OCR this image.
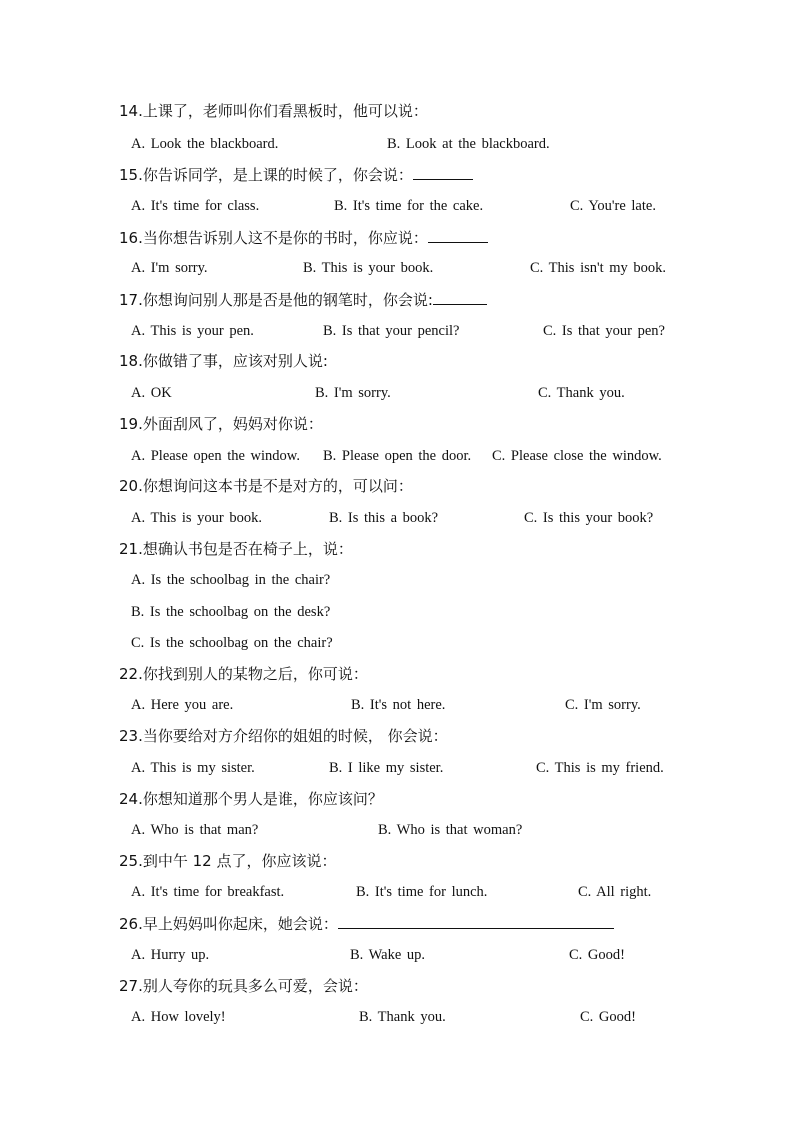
14.上课了，老师叫你们看黑板时，他可以说：
A. Look the blackboard.	B. Look at the blackboard.
15.你告诉同学，是上课的时候了，你会说：
A. It's time for class.	B. It's time for the cake.	C. You're late.
16.当你想告诉别人这不是你的书时，你应说：
A. I'm sorry.	B. This is your book.	C. This isn't my book.
17.你想询问别人那是否是他的钢笔时，你会说:
A. This is your pen.	B. Is that your pencil?	C. Is that your pen?
18.你做错了事，应该对别人说:
A. OK	B. I'm sorry.	C. Thank you.
19.外面刮风了，妈妈对你说：
A. Please open the window. B. Please open the door. C. Please close the window.
20.你想询问这本书是不是对方的，可以问：
A. This is your book.	B. Is this a book?	C. Is this your book?
21.想确认书包是否在椅子上，说：
A. Is the schoolbag in the chair?
B. Is the schoolbag on the desk?
C. Is the schoolbag on the chair?
22.你找到别人的某物之后，你可说：
A. Here you are.	B. It's not here.	C. I'm sorry.
23.当你要给对方介绍你的姐姐的时候， 你会说：
A. This is my sister.	B. I like my sister.	C. This is my friend.
24.你想知道那个男人是谁，你应该问？
A. Who is that man?	B. Who is that woman?
25.到中午 12 点了，你应该说：
A. It's time for breakfast.	B. It's time for lunch.	C. All right.
26.早上妈妈叫你起床，她会说：
A. Hurry up.	B. Wake up.	C. Good!
27.别人夸你的玩具多么可爱，会说：
A. How lovely!	B. Thank you.	C. Good!
